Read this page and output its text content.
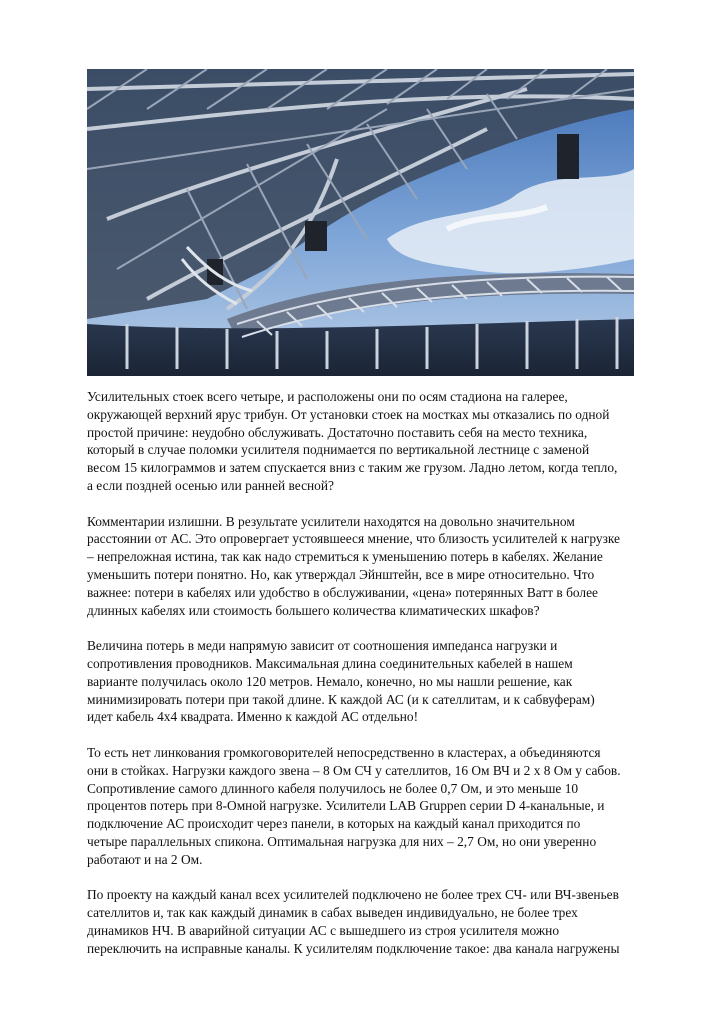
Усилительных стоек всего четыре, и расположены они по осям стадиона на галерее,
окружающей верхний ярус трибун. От установки стоек на мостках мы отказались по одной
простой причине: неудобно обслуживать. Достаточно поставить себя на место техника,
который в случае поломки усилителя поднимается по вертикальной лестнице с заменой
весом 15 килограммов и затем спускается вниз с таким же грузом. Ладно летом, когда тепло,
а если поздней осенью или ранней весной?

Комментарии излишни. В результате усилители находятся на довольно значительном
расстоянии от АС. Это опровергает устоявшееся мнение, что близость усилителей к нагрузке
– непреложная истина, так как надо стремиться к уменьшению потерь в кабелях. Желание
уменьшить потери понятно. Но, как утверждал Эйнштейн, все в мире относительно. Что
важнее: потери в кабелях или удобство в обслуживании, «цена» потерянных Ватт в более
длинных кабелях или стоимость большего количества климатических шкафов?

Величина потерь в меди напрямую зависит от соотношения импеданса нагрузки и
сопротивления проводников. Максимальная длина соединительных кабелей в нашем
варианте получилась около 120 метров. Немало, конечно, но мы нашли решение, как
минимизировать потери при такой длине. К каждой АС (и к сателлитам, и к сабвуферам)
идет кабель 4х4 квадрата. Именно к каждой АС отдельно!

То есть нет линкования громкоговорителей непосредственно в кластерах, а объединяются
они в стойках. Нагрузки каждого звена – 8 Ом СЧ у сателлитов, 16 Ом ВЧ и 2 х 8 Ом у сабов.
Сопротивление самого длинного кабеля получилось не более 0,7 Ом, и это меньше 10
процентов потерь при 8-Омной нагрузке. Усилители LAB Gruppen серии D 4-канальные, и
подключение АС происходит через панели, в которых на каждый канал приходится по
четыре параллельных спикона. Оптимальная нагрузка для них – 2,7 Ом, но они уверенно
работают и на 2 Ом.

По проекту на каждый канал всех усилителей подключено не более трех СЧ- или ВЧ-звеньев
сателлитов и, так как каждый динамик в сабах выведен индивидуально, не более трех
динамиков НЧ. В аварийной ситуации АС с вышедшего из строя усилителя можно
переключить на исправные каналы. К усилителям подключение такое: два канала нагружены
